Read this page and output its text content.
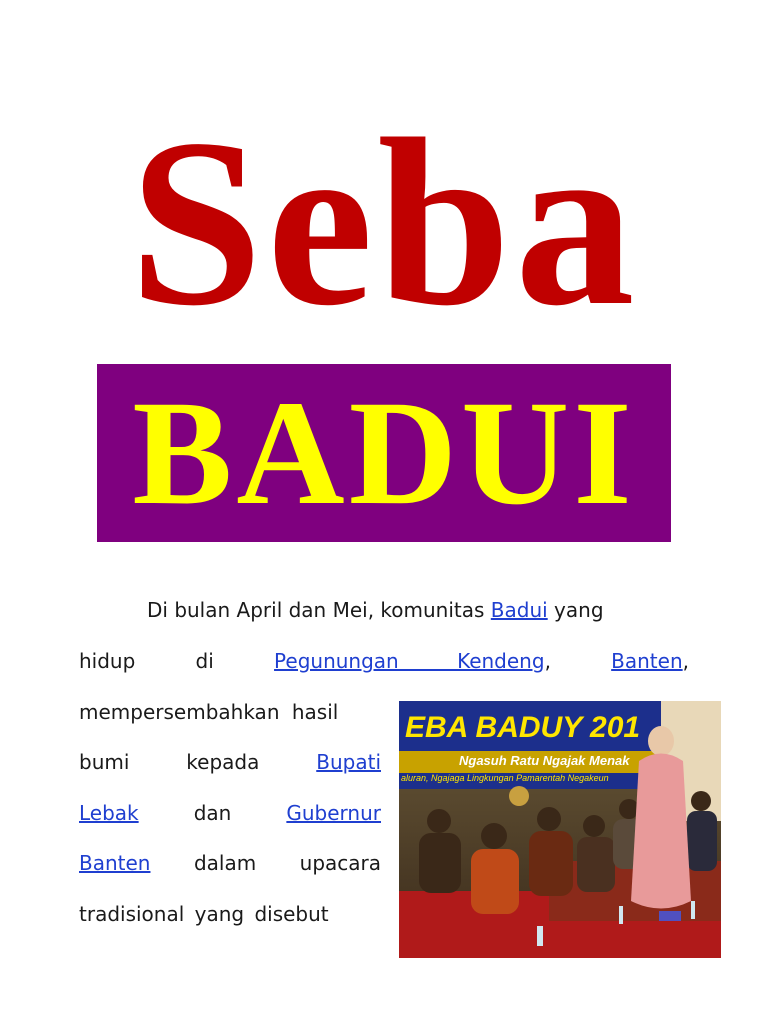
Seba
BADUI
Di bulan April dan Mei, komunitas Badui yang
hidup	di	Pegunungan Kendeng,	Banten,
mempersembahkan hasil
bumi	kepada	Bupati
Lebak	dan	Gubernur
Banten dalam upacara
tradisional yang disebut
EBA BADUY 201
Ngasuh Ratu Ngajak Menak
aluran, Ngajaga Lingkungan Pamarentah Negakeun
